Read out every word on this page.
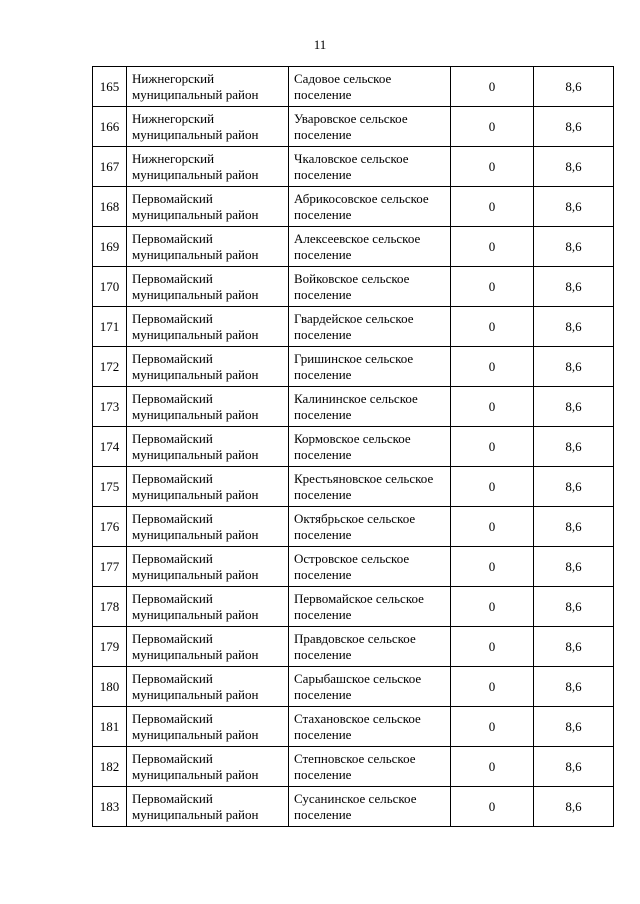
11
165	Нижнегорский муниципальный район	Садовое сельское поселение	0	8,6
166	Нижнегорский муниципальный район	Уваровское сельское поселение	0	8,6
167	Нижнегорский муниципальный район	Чкаловское сельское поселение	0	8,6
168	Первомайский муниципальный район	Абрикосовское сельское поселение	0	8,6
169	Первомайский муниципальный район	Алексеевское сельское поселение	0	8,6
170	Первомайский муниципальный район	Войковское сельское поселение	0	8,6
171	Первомайский муниципальный район	Гвардейское сельское поселение	0	8,6
172	Первомайский муниципальный район	Гришинское сельское поселение	0	8,6
173	Первомайский муниципальный район	Калининское сельское поселение	0	8,6
174	Первомайский муниципальный район	Кормовское сельское поселение	0	8,6
175	Первомайский муниципальный район	Крестьяновское сельское поселение	0	8,6
176	Первомайский муниципальный район	Октябрьское сельское поселение	0	8,6
177	Первомайский муниципальный район	Островское сельское поселение	0	8,6
178	Первомайский муниципальный район	Первомайское сельское поселение	0	8,6
179	Первомайский муниципальный район	Правдовское сельское поселение	0	8,6
180	Первомайский муниципальный район	Сарыбашское сельское поселение	0	8,6
181	Первомайский муниципальный район	Стахановское сельское поселение	0	8,6
182	Первомайский муниципальный район	Степновское сельское поселение	0	8,6
183	Первомайский муниципальный район	Сусанинское сельское поселение	0	8,6
